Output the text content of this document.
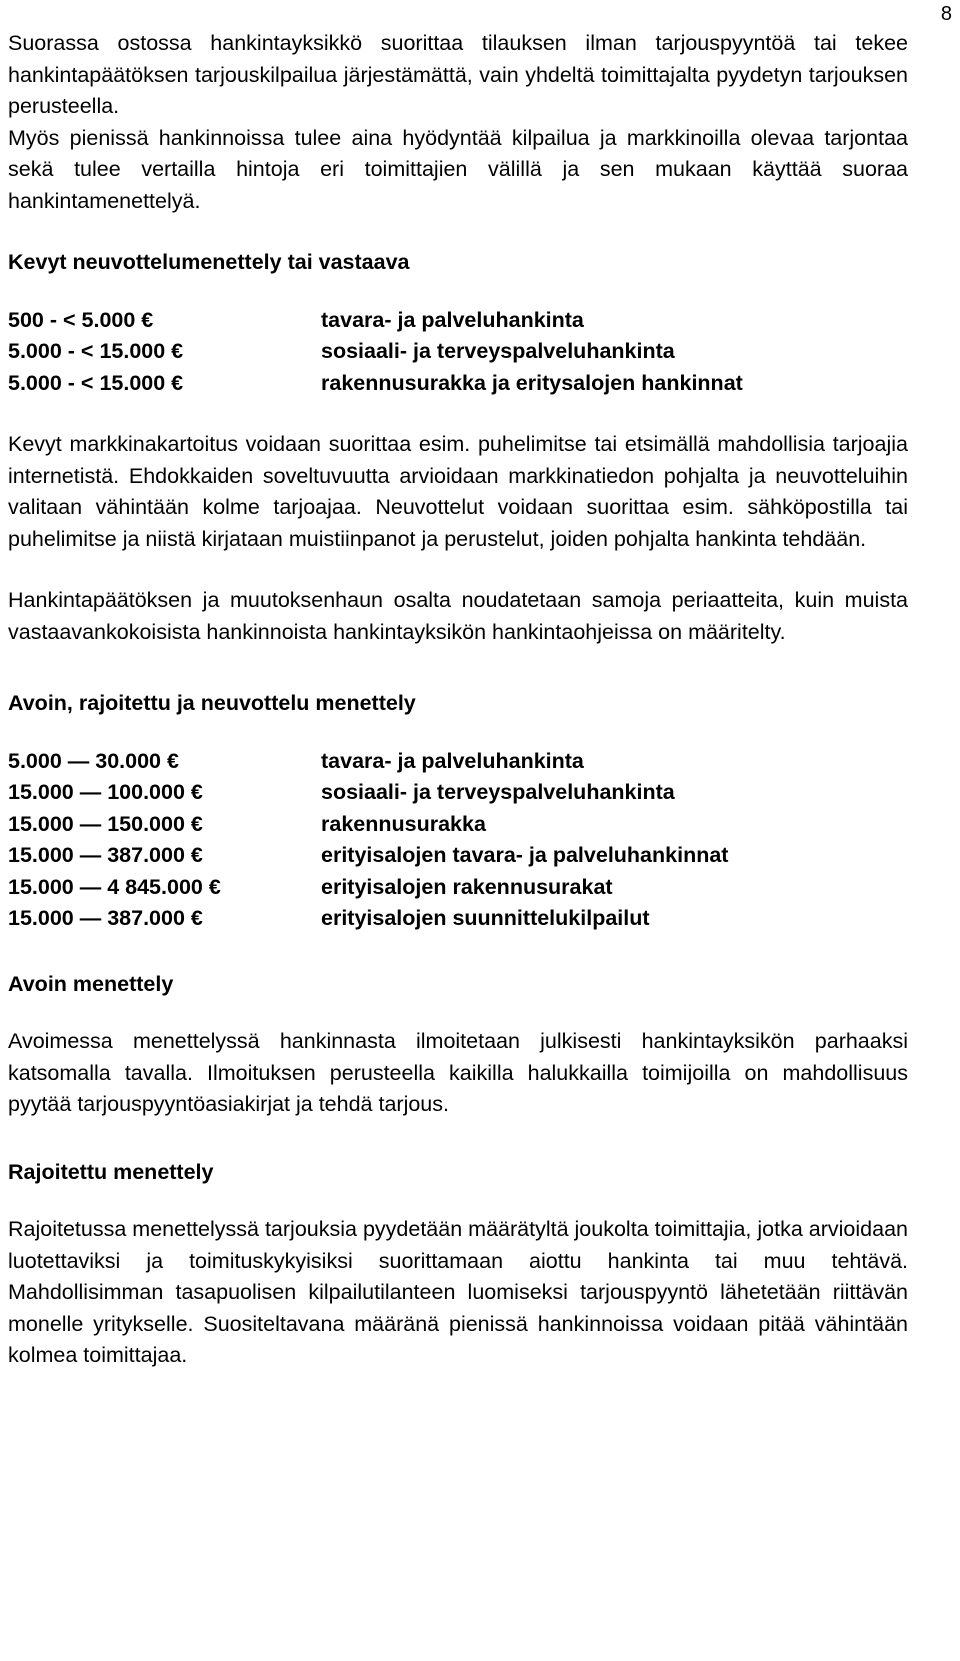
8

Suorassa ostossa hankintayksikkö suorittaa tilauksen ilman tarjouspyyntöä tai tekee hankintapäätöksen tarjouskilpailua järjestämättä, vain yhdeltä toimittajalta pyydetyn tarjouksen perusteella.

Myös pienissä hankinnoissa tulee aina hyödyntää kilpailua ja markkinoilla olevaa tarjontaa sekä tulee vertailla hintoja eri toimittajien välillä ja sen mukaan käyttää suoraa hankintamenettelyä.

Kevyt neuvottelumenettely tai vastaava

500 - < 5.000 €	tavara- ja palveluhankinta
5.000 - < 15.000 €	sosiaali- ja terveyspalveluhankinta
5.000 - < 15.000 €	rakennusurakka ja eritysalojen hankinnat

Kevyt markkinakartoitus voidaan suorittaa esim. puhelimitse tai etsimällä mahdollisia tarjoajia internetistä. Ehdokkaiden soveltuvuutta arvioidaan markkinatiedon pohjalta ja neuvotteluihin valitaan vähintään kolme tarjoajaa. Neuvottelut voidaan suorittaa esim. sähköpostilla tai puhelimitse ja niistä kirjataan muistiinpanot ja perustelut, joiden pohjalta hankinta tehdään.

Hankintapäätöksen ja muutoksenhaun osalta noudatetaan samoja periaatteita, kuin muista vastaavankokoisista hankinnoista hankintayksikön hankintaohjeissa on määritelty.

Avoin, rajoitettu ja neuvottelu menettely

5.000 — 30.000 €	tavara- ja palveluhankinta
15.000 — 100.000 €	sosiaali- ja terveyspalveluhankinta
15.000 — 150.000 €	rakennusurakka
15.000 — 387.000 €	erityisalojen tavara- ja palveluhankinnat
15.000 — 4 845.000 €	erityisalojen rakennusurakat
15.000 — 387.000 €	erityisalojen suunnittelukilpailut

Avoin menettely

Avoimessa menettelyssä hankinnasta ilmoitetaan julkisesti hankintayksikön parhaaksi katsomalla tavalla. Ilmoituksen perusteella kaikilla halukkailla toimijoilla on mahdollisuus pyytää tarjouspyyntöasiakirjat ja tehdä tarjous.

Rajoitettu menettely

Rajoitetussa menettelyssä tarjouksia pyydetään määrätyltä joukolta toimittajia, jotka arvioidaan luotettaviksi ja toimituskykyisiksi suorittamaan aiottu hankinta tai muu tehtävä. Mahdollisimman tasapuolisen kilpailutilanteen luomiseksi tarjouspyyntö lähetetään riittävän monelle yritykselle. Suositeltavana määränä pienissä hankinnoissa voidaan pitää vähintään kolmea toimittajaa.
